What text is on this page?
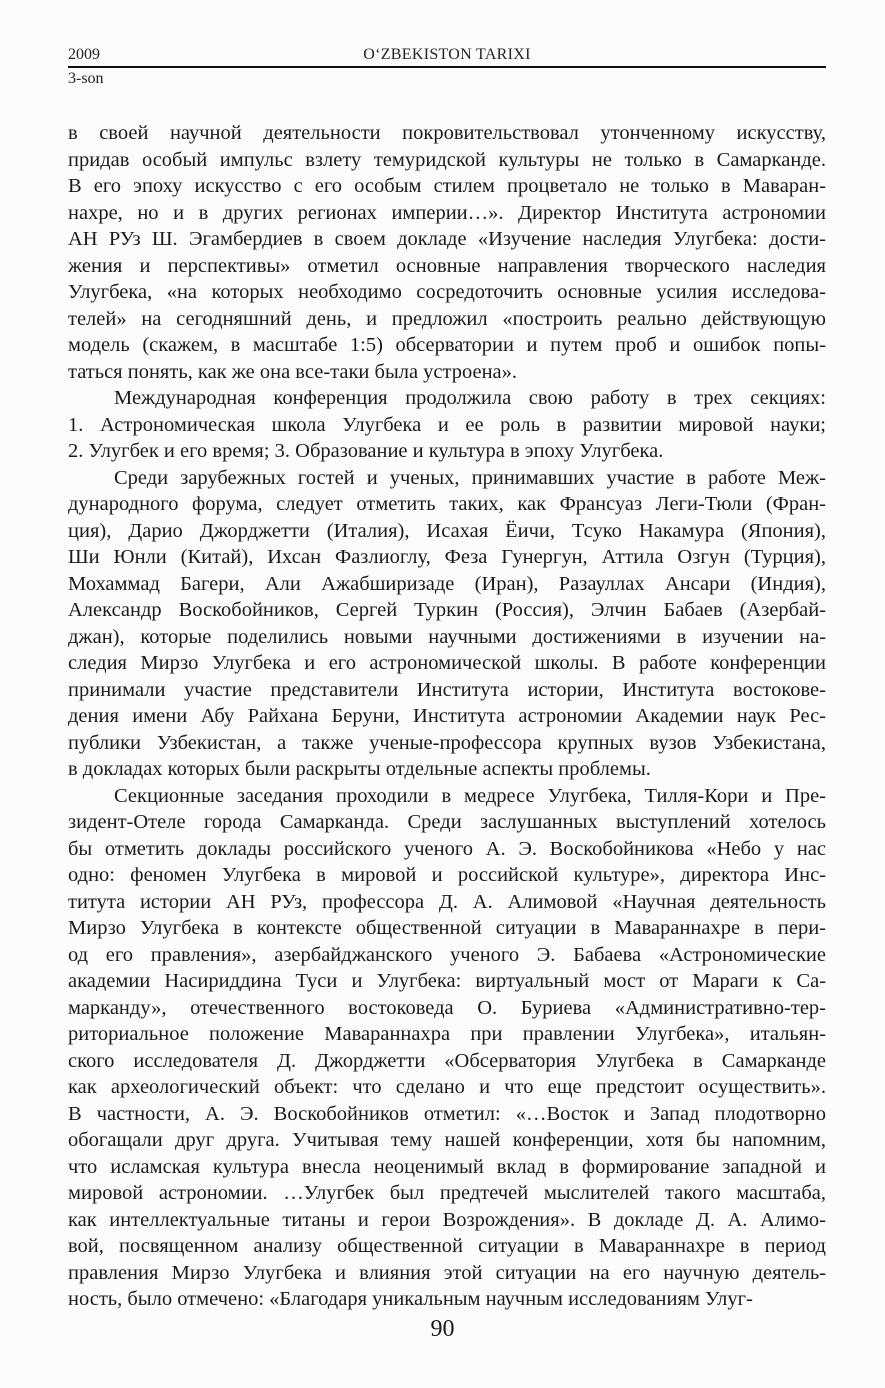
2009	O‘ZBEKISTON TARIXI
3-son

в своей научной деятельности покровительствовал утонченному искусству,
придав особый импульс взлету темуридской культуры не только в Самарканде.
В его эпоху искусство с его особым стилем процветало не только в Мавaран-
нахре, но и в других регионах империи…». Директор Института астрономии
АН РУз Ш. Эгамбердиев в своем докладе «Изучение наследия Улугбека: дости-
жения и перспективы» отметил основные направления творческого наследия
Улугбека, «на которых необходимо сосредоточить основные усилия исследова-
телей» на сегодняшний день, и предложил «построить реально действующую
модель (скажем, в масштабе 1:5) обсерватории и путем проб и ошибок попы-
таться понять, как же она все-таки была устроена».

Международная конференция продолжила свою работу в трех секциях:
1. Астрономическая школа Улугбека и ее роль в развитии мировой науки;
2. Улугбек и его время; 3. Образование и культура в эпоху Улугбека.

Среди зарубежных гостей и ученых, принимавших участие в работе Меж-
дународного форума, следует отметить таких, как Франсуаз Леги-Тюли (Фран-
ция), Дарио Джорджетти (Италия), Исахая Ёичи, Тсуко Накамура (Япония),
Ши Юнли (Китай), Ихсан Фазлиоглу, Феза Гунергун, Аттила Озгун (Турция),
Мохаммад Багери, Али Ажабширизаде (Иран), Разауллах Ансари (Индия),
Александр Воскобойников, Сергей Туркин (Россия), Элчин Бабаев (Азербай-
джан), которые поделились новыми научными достижениями в изучении на-
следия Мирзо Улугбека и его астрономической школы. В работе конференции
принимали участие представители Института истории, Института востокове-
дения имени Абу Райхана Беруни, Института астрономии Академии наук Рес-
публики Узбекистан, а также ученые-профессора крупных вузов Узбекистана,
в докладах которых были раскрыты отдельные аспекты проблемы.

Секционные заседания проходили в медресе Улугбека, Тилля-Кори и Пре-
зидент-Отеле города Самарканда. Среди заслушанных выступлений хотелось
бы отметить доклады российского ученого А. Э. Воскобойникова «Небо у нас
одно: феномен Улугбека в мировой и российской культуре», директора Инс-
титута истории АН РУз, профессора Д. А. Алимовой «Научная деятельность
Мирзо Улугбека в контексте общественной ситуации в Мавараннахре в пери-
од его правления», азербайджанского ученого Э. Бабаева «Астрономические
академии Насириддина Туси и Улугбека: виртуальный мост от Мараги к Са-
марканду», отечественного востоковеда О. Буриева «Административно-тер-
риториальное положение Мавараннахра при правлении Улугбека», итальян-
ского исследователя Д. Джорджетти «Обсерватория Улугбека в Самарканде
как археологический объект: что сделано и что еще предстоит осуществить».
В частности, А. Э. Воскобойников отметил: «…Восток и Запад плодотворно
обогащали друг друга. Учитывая тему нашей конференции, хотя бы напомним,
что исламская культура внесла неоценимый вклад в формирование западной и
мировой астрономии. …Улугбек был предтечей мыслителей такого масштаба,
как интеллектуальные титаны и герои Возрождения». В докладе Д. А. Алимо-
вой, посвященном анализу общественной ситуации в Мавараннахре в период
правления Мирзо Улугбека и влияния этой ситуации на его научную деятель-
ность, было отмечено: «Благодаря уникальным научным исследованиям Улуг-

90
